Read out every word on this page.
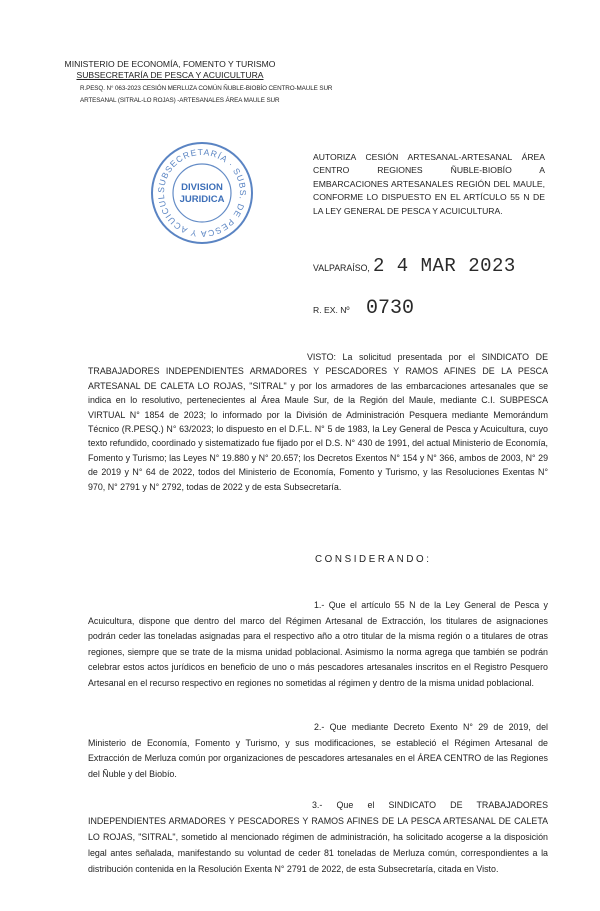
MINISTERIO DE ECONOMÍA, FOMENTO Y TURISMO
SUBSECRETARÍA DE PESCA Y ACUICULTURA
R.PESQ. N° 063-2023 CESIÓN MERLUZA COMÚN ÑUBLE-BIOBÍO CENTRO-MAULE SUR
ARTESANAL (SITRAL-LO ROJAS) -ARTESANALES ÁREA MAULE SUR
SUBSECRETARÍA · SUBS. DE PESCA Y ACUICUL
DIVISION
JURIDICA
AUTORIZA CESIÓN ARTESANAL-ARTESANAL ÁREA CENTRO REGIONES ÑUBLE-BIOBÍO A EMBARCACIONES ARTESANALES REGIÓN DEL MAULE, CONFORME LO DISPUESTO EN EL ARTÍCULO 55 N DE LA LEY GENERAL DE PESCA Y ACUICULTURA.
VALPARAÍSO, 2 4 MAR 2023
R. EX. Nº 0730

VISTO: La solicitud presentada por el SINDICATO DE TRABAJADORES INDEPENDIENTES ARMADORES Y PESCADORES Y RAMOS AFINES DE LA PESCA ARTESANAL DE CALETA LO ROJAS, "SITRAL" y por los armadores de las embarcaciones artesanales que se indica en lo resolutivo, pertenecientes al Área Maule Sur, de la Región del Maule, mediante C.I. SUBPESCA VIRTUAL N° 1854 de 2023; lo informado por la División de Administración Pesquera mediante Memorándum Técnico (R.PESQ.) N° 63/2023; lo dispuesto en el D.F.L. N° 5 de 1983, la Ley General de Pesca y Acuicultura, cuyo texto refundido, coordinado y sistematizado fue fijado por el D.S. N° 430 de 1991, del actual Ministerio de Economía, Fomento y Turismo; las Leyes N° 19.880 y N° 20.657; los Decretos Exentos N° 154 y N° 366, ambos de 2003, N° 29 de 2019 y N° 64 de 2022, todos del Ministerio de Economía, Fomento y Turismo, y las Resoluciones Exentas N° 970, N° 2791 y N° 2792, todas de 2022 y de esta Subsecretaría.

CONSIDERANDO:

1.- Que el artículo 55 N de la Ley General de Pesca y Acuicultura, dispone que dentro del marco del Régimen Artesanal de Extracción, los titulares de asignaciones podrán ceder las toneladas asignadas para el respectivo año a otro titular de la misma región o a titulares de otras regiones, siempre que se trate de la misma unidad poblacional. Asimismo la norma agrega que también se podrán celebrar estos actos jurídicos en beneficio de uno o más pescadores artesanales inscritos en el Registro Pesquero Artesanal en el recurso respectivo en regiones no sometidas al régimen y dentro de la misma unidad poblacional.

2.- Que mediante Decreto Exento N° 29 de 2019, del Ministerio de Economía, Fomento y Turismo, y sus modificaciones, se estableció el Régimen Artesanal de Extracción de Merluza común por organizaciones de pescadores artesanales en el ÁREA CENTRO de las Regiones del Ñuble y del Biobío.

3.- Que el SINDICATO DE TRABAJADORES INDEPENDIENTES ARMADORES Y PESCADORES Y RAMOS AFINES DE LA PESCA ARTESANAL DE CALETA LO ROJAS, "SITRAL", sometido al mencionado régimen de administración, ha solicitado acogerse a la disposición legal antes señalada, manifestando su voluntad de ceder 81 toneladas de Merluza común, correspondientes a la distribución contenida en la Resolución Exenta N° 2791 de 2022, de esta Subsecretaría, citada en Visto.
